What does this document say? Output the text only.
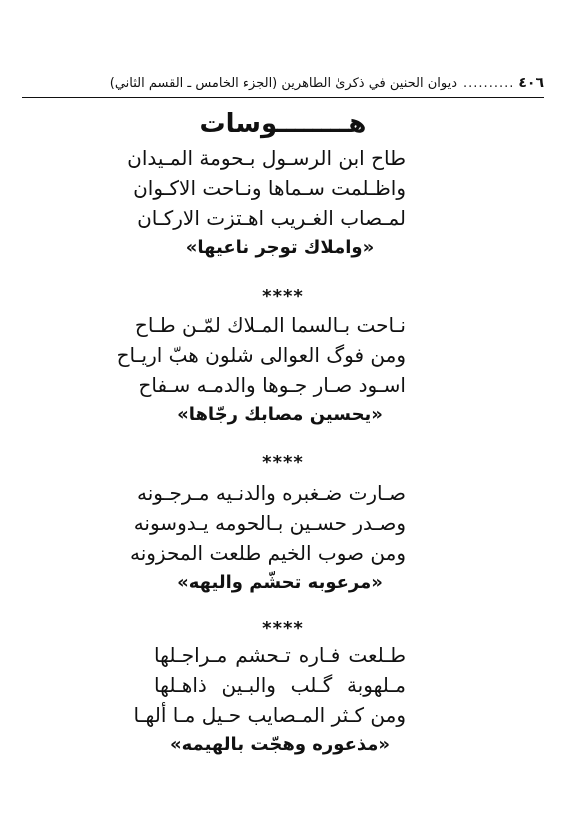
٤٠٦
..........
ديوان الحنين في ذكرىٰ الطاهرين (الجزء الخامس ـ القسم الثاني)
هــــــــوسات
طاح ابن الرسـول بـحومة المـيدان
واظـلمت سـماها ونـاحت الاكـوان
لمـصاب الغـريب اهـتزت الاركـان
«واملاك توجر ناعيها»
****
نـاحت بـالسما المـلاك لمّـن طـاح
ومن فوگ العوالى شلون هبّ اريـاح
اسـود صـار جـوها والدمـه سـفاح
«يحسين مصابك رجّاها»
****
صـارت ضـغبره والدنـيه مـرجـونه
وصـدر حسـين بـالحومه يـدوسونه
ومن صوب الخيم طلعت المحزونه
«مرعوبه تحشّم واليهه»
****
طـلعت فـاره تـحشم مـراجـلها
مـلهوبة گـلب والبـين ذاهـلها
ومن كـثر المـصايب حـيل مـا ألهـا
«مذعوره وهجّت بالهيمه»
